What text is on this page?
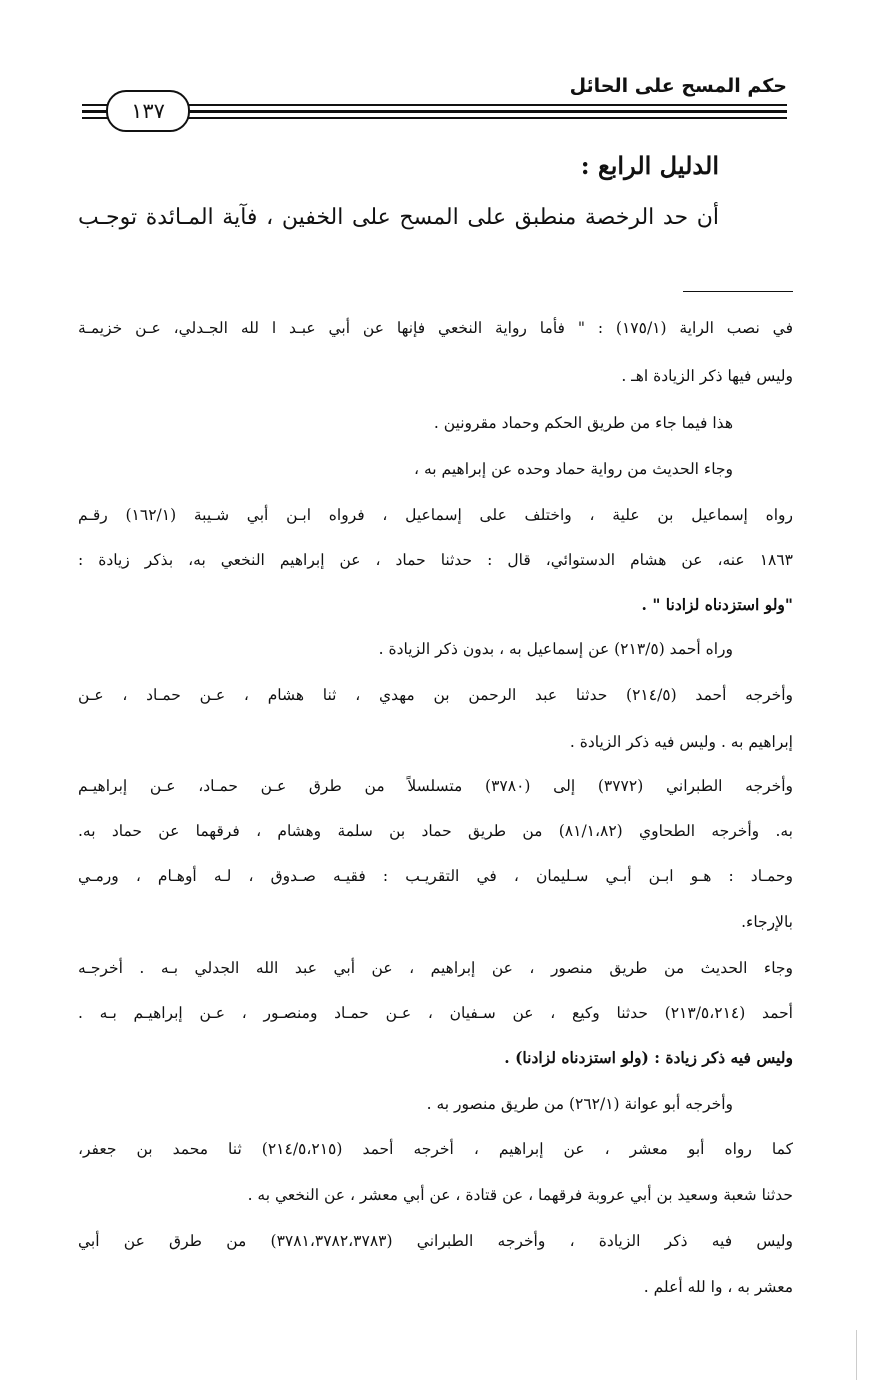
حكم المسح على الحائل
١٣٧
الدليل الرابع :
أن حد الرخصة منطبق على المسح على الخفين ، فآية المـائدة توجـب
في نصب الراية (١٧٥/١) : " فأما رواية النخعي فإنها عن أبي عبـد ا لله الجـدلي، عـن خزيمـة
وليس فيها ذكر الزيادة اهـ .
هذا فيما جاء من طريق الحكم وحماد مقرونين .
وجاء الحديث من رواية حماد وحده عن إبراهيم به ،
رواه إسماعيل بن علية ، واختلف على إسماعيل ، فرواه ابـن أبي شـيبة (١٦٢/١) رقـم
١٨٦٣ عنه، عن هشام الدستوائي، قال : حدثنا حماد ، عن إبراهيم النخعي به، بذكر زيادة :
"ولو استزدناه لزادنا " .
وراه أحمد (٢١٣/٥) عن إسماعيل به ، بدون ذكر الزيادة .
وأخرجه أحمد (٢١٤/٥) حدثنا عبد الرحمن بن مهدي ، ثنا هشام ، عـن حمـاد ، عـن
إبراهيم به . وليس فيه ذكر الزيادة .
وأخرجه الطبراني (٣٧٧٢) إلى (٣٧٨٠) متسلسلاً من طرق عـن حمـاد، عـن إبراهيـم
به. وأخرجه الطحاوي (٨١/١،٨٢) من طريق حماد بن سلمة وهشام ، فرقهما عن حماد به.
وحمـاد : هـو ابـن أبـي سـليمان ، في التقريـب : فقيـه صـدوق ، لـه أوهـام ، ورمـي
بالإرجاء.
وجاء الحديث من طريق منصور ، عن إبراهيم ، عن أبي عبد الله الجدلي بـه . أخرجـه
أحمد (٢١٣/٥،٢١٤) حدثنا وكيع ، عن سـفيان ، عـن حمـاد ومنصـور ، عـن إبراهيـم بـه .
وليس فيه ذكر زيادة : (ولو استزدناه لزادنا) .
وأخرجه أبو عوانة (٢٦٢/١) من طريق منصور به .
كما رواه أبو معشر ، عن إبراهيم ، أخرجه أحمد (٢١٤/٥،٢١٥) ثنا محمد بن جعفر،
حدثنا شعبة وسعيد بن أبي عروبة فرقهما ، عن قتادة ، عن أبي معشر ، عن النخعي به .
وليس فيه ذكر الزيادة ، وأخرجه الطبراني (٣٧٨١،٣٧٨٢،٣٧٨٣) من طرق عن أبي
معشر به ، وا لله أعلم .
